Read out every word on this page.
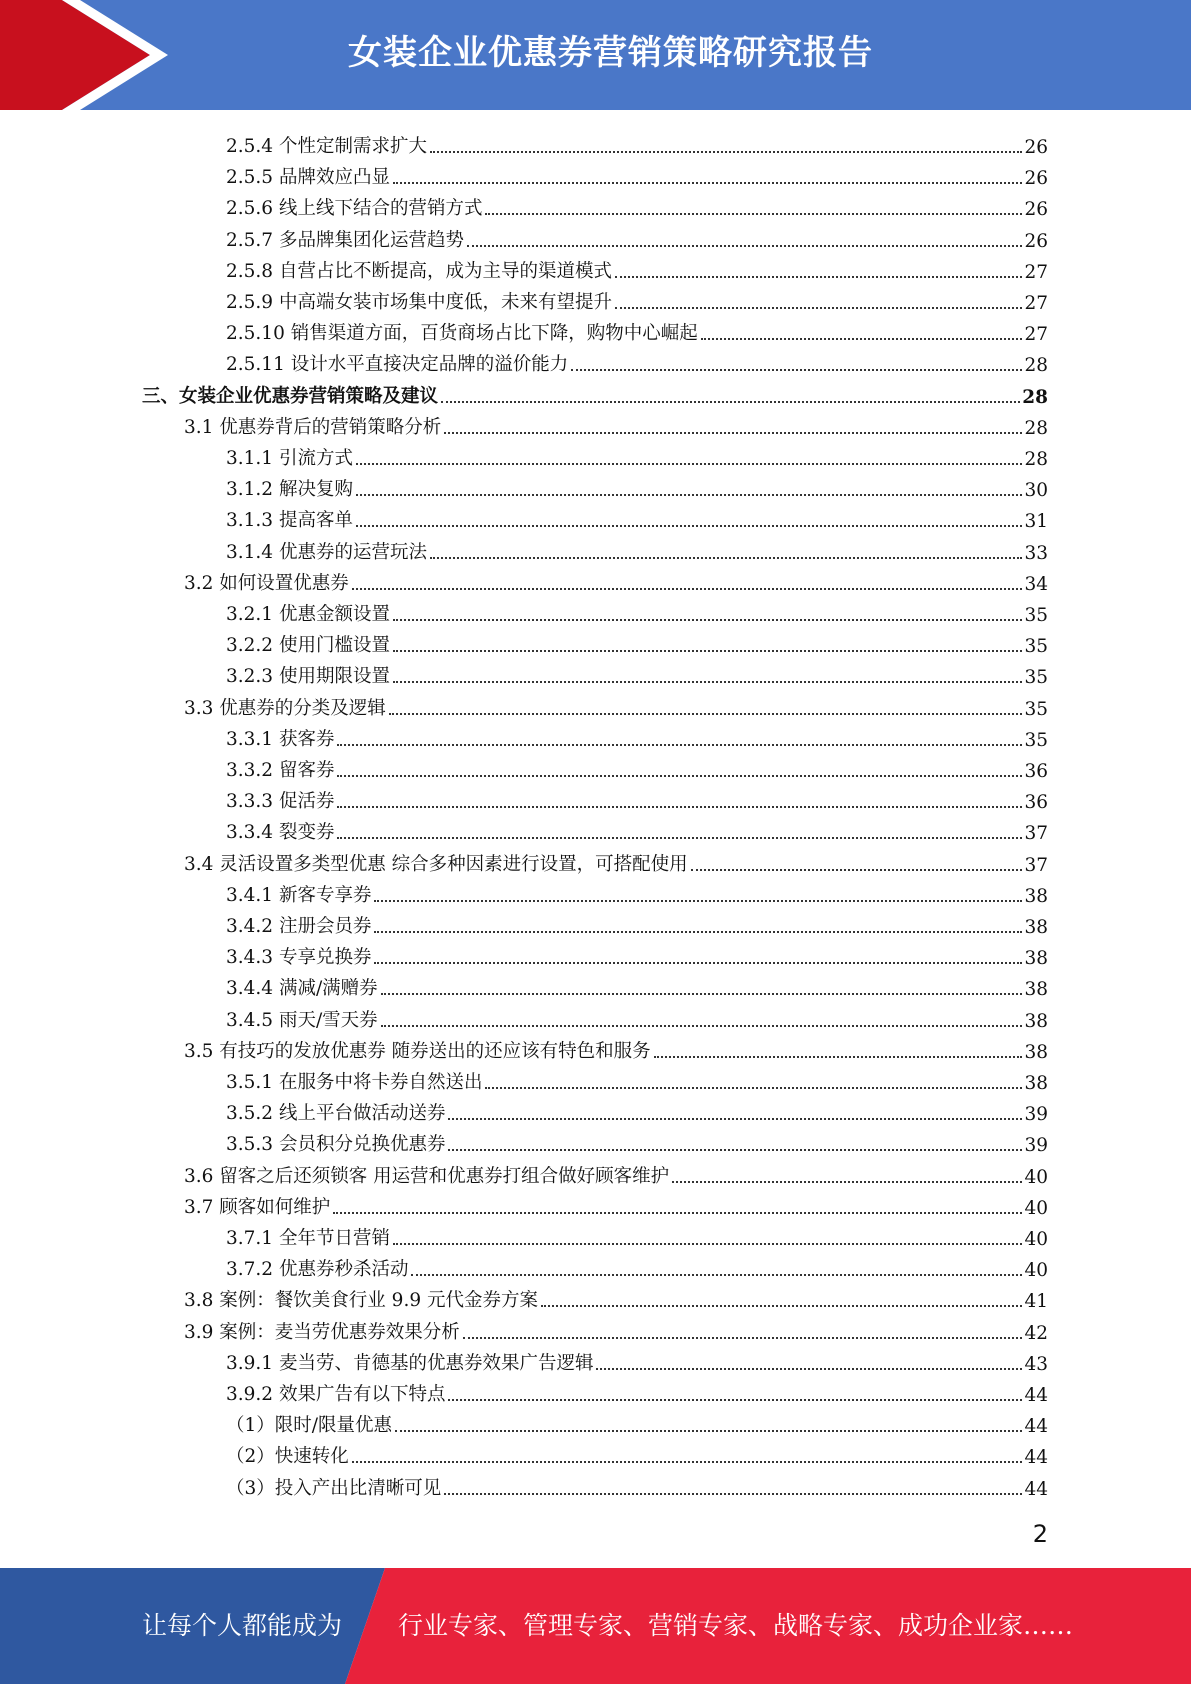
女装企业优惠券营销策略研究报告
2.5.4 个性定制需求扩大	26
2.5.5 品牌效应凸显	26
2.5.6 线上线下结合的营销方式	26
2.5.7 多品牌集团化运营趋势	26
2.5.8 自营占比不断提高，成为主导的渠道模式	27
2.5.9 中高端女装市场集中度低，未来有望提升	27
2.5.10 销售渠道方面，百货商场占比下降，购物中心崛起	27
2.5.11 设计水平直接决定品牌的溢价能力	28
三、女装企业优惠券营销策略及建议	28
3.1 优惠券背后的营销策略分析	28
3.1.1 引流方式	28
3.1.2 解决复购	30
3.1.3 提高客单	31
3.1.4 优惠券的运营玩法	33
3.2 如何设置优惠券	34
3.2.1 优惠金额设置	35
3.2.2 使用门槛设置	35
3.2.3 使用期限设置	35
3.3 优惠券的分类及逻辑	35
3.3.1 获客券	35
3.3.2 留客券	36
3.3.3 促活券	36
3.3.4 裂变券	37
3.4 灵活设置多类型优惠 综合多种因素进行设置，可搭配使用	37
3.4.1 新客专享券	38
3.4.2 注册会员券	38
3.4.3 专享兑换券	38
3.4.4 满减/满赠券	38
3.4.5 雨天/雪天券	38
3.5 有技巧的发放优惠券 随券送出的还应该有特色和服务	38
3.5.1 在服务中将卡券自然送出	38
3.5.2 线上平台做活动送券	39
3.5.3 会员积分兑换优惠券	39
3.6 留客之后还须锁客 用运营和优惠券打组合做好顾客维护	40
3.7 顾客如何维护	40
3.7.1 全年节日营销	40
3.7.2 优惠券秒杀活动	40
3.8 案例：餐饮美食行业 9.9 元代金券方案	41
3.9 案例：麦当劳优惠券效果分析	42
3.9.1 麦当劳、肯德基的优惠券效果广告逻辑	43
3.9.2 效果广告有以下特点	44
（1）限时/限量优惠	44
（2）快速转化	44
（3）投入产出比清晰可见	44
2
让每个人都能成为 行业专家、管理专家、营销专家、战略专家、成功企业家……
